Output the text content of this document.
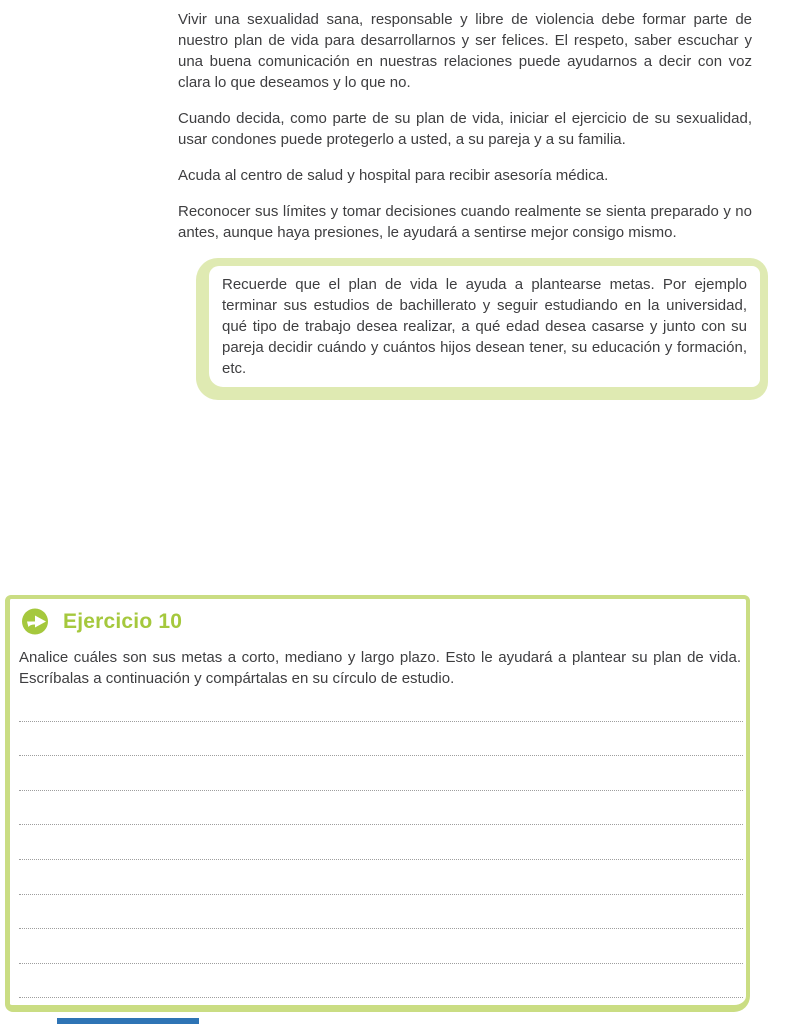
Vivir una sexualidad sana, responsable y libre de violencia debe formar parte de nuestro plan de vida para desarrollarnos y ser felices. El respeto, saber escuchar y una buena comunicación en nuestras relaciones puede ayudarnos a decir con voz clara lo que deseamos y lo que no.

Cuando decida, como parte de su plan de vida, iniciar el ejercicio de su sexualidad, usar condones puede protegerlo a usted, a su pareja y a su familia.

Acuda al centro de salud y hospital para recibir asesoría médica.

Reconocer sus límites y tomar decisiones cuando realmente se sienta preparado y no antes, aunque haya presiones, le ayudará a sentirse mejor consigo mismo.

Recuerde que el plan de vida le ayuda a plantearse metas. Por ejemplo terminar sus estudios de bachillerato y seguir estudiando en la universidad, qué tipo de trabajo desea realizar, a qué edad desea casarse y junto con su pareja decidir cuándo y cuántos hijos desean tener, su educación y formación, etc.

Ejercicio 10

Analice cuáles son sus metas a corto, mediano y largo plazo. Esto le ayudará a plantear su plan de vida. Escríbalas a continuación y compártalas en su círculo de estudio.
